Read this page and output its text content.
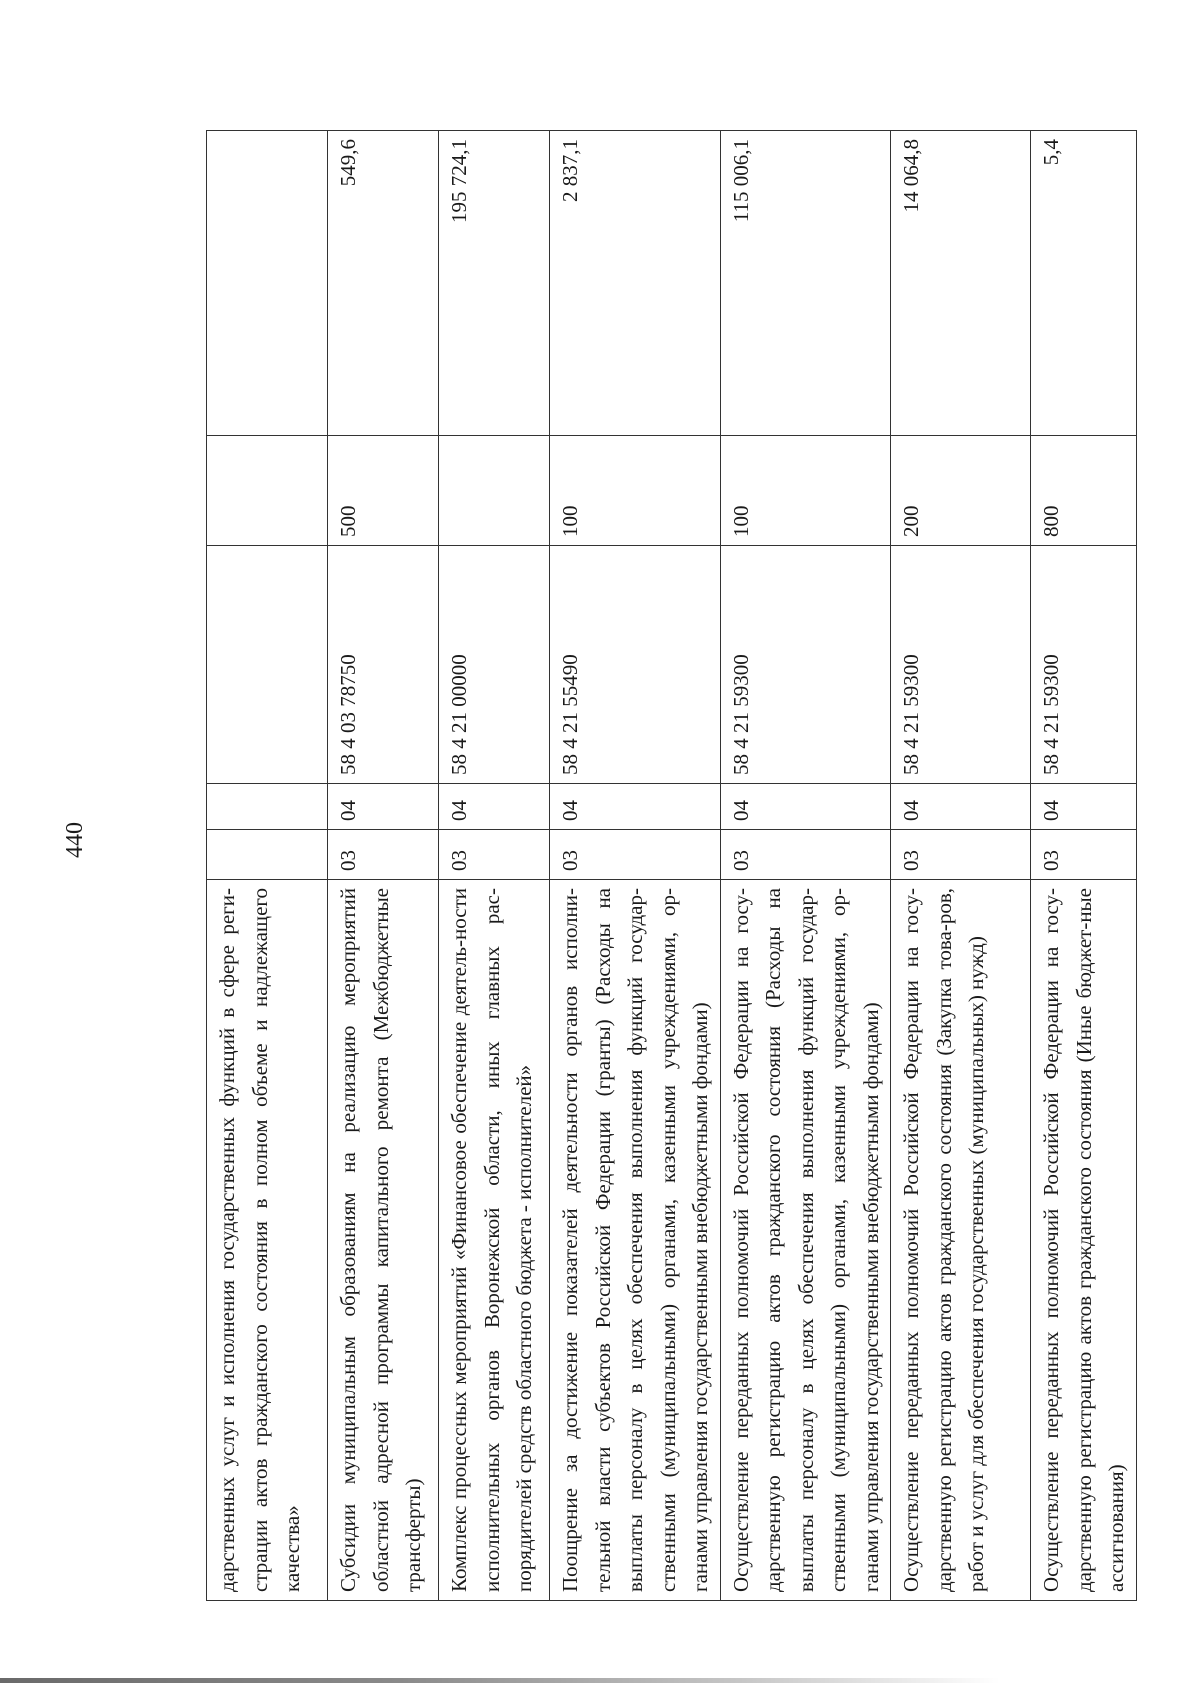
440
дарственных услуг и исполнения государственных функций в сфере реги-страции актов гражданского состояния в полном объеме и надлежащего качества»					
Субсидии муниципальным образованиям на реализацию мероприятий областной адресной программы капитального ремонта (Межбюджетные трансферты)	03	04	58 4 03 78750	500	549,6
Комплекс процессных мероприятий «Финансовое обеспечение деятель-ности исполнительных органов Воронежской области, иных главных рас-порядителей средств областного бюджета - исполнителей»	03	04	58 4 21 00000		195 724,1
Поощрение за достижение показателей деятельности органов исполни-тельной власти субъектов Российской Федерации (гранты) (Расходы на выплаты персоналу в целях обеспечения выполнения функций государ-ственными (муниципальными) органами, казенными учреждениями, ор-ганами управления государственными внебюджетными фондами)	03	04	58 4 21 55490	100	2 837,1
Осуществление переданных полномочий Российской Федерации на госу-дарственную регистрацию актов гражданского состояния (Расходы на выплаты персоналу в целях обеспечения выполнения функций государ-ственными (муниципальными) органами, казенными учреждениями, ор-ганами управления государственными внебюджетными фондами)	03	04	58 4 21 59300	100	115 006,1
Осуществление переданных полномочий Российской Федерации на госу-дарственную регистрацию актов гражданского состояния (Закупка това-ров, работ и услуг для обеспечения государственных (муниципальных) нужд)	03	04	58 4 21 59300	200	14 064,8
Осуществление переданных полномочий Российской Федерации на госу-дарственную регистрацию актов гражданского состояния (Иные бюджет-ные ассигнования)	03	04	58 4 21 59300	800	5,4
